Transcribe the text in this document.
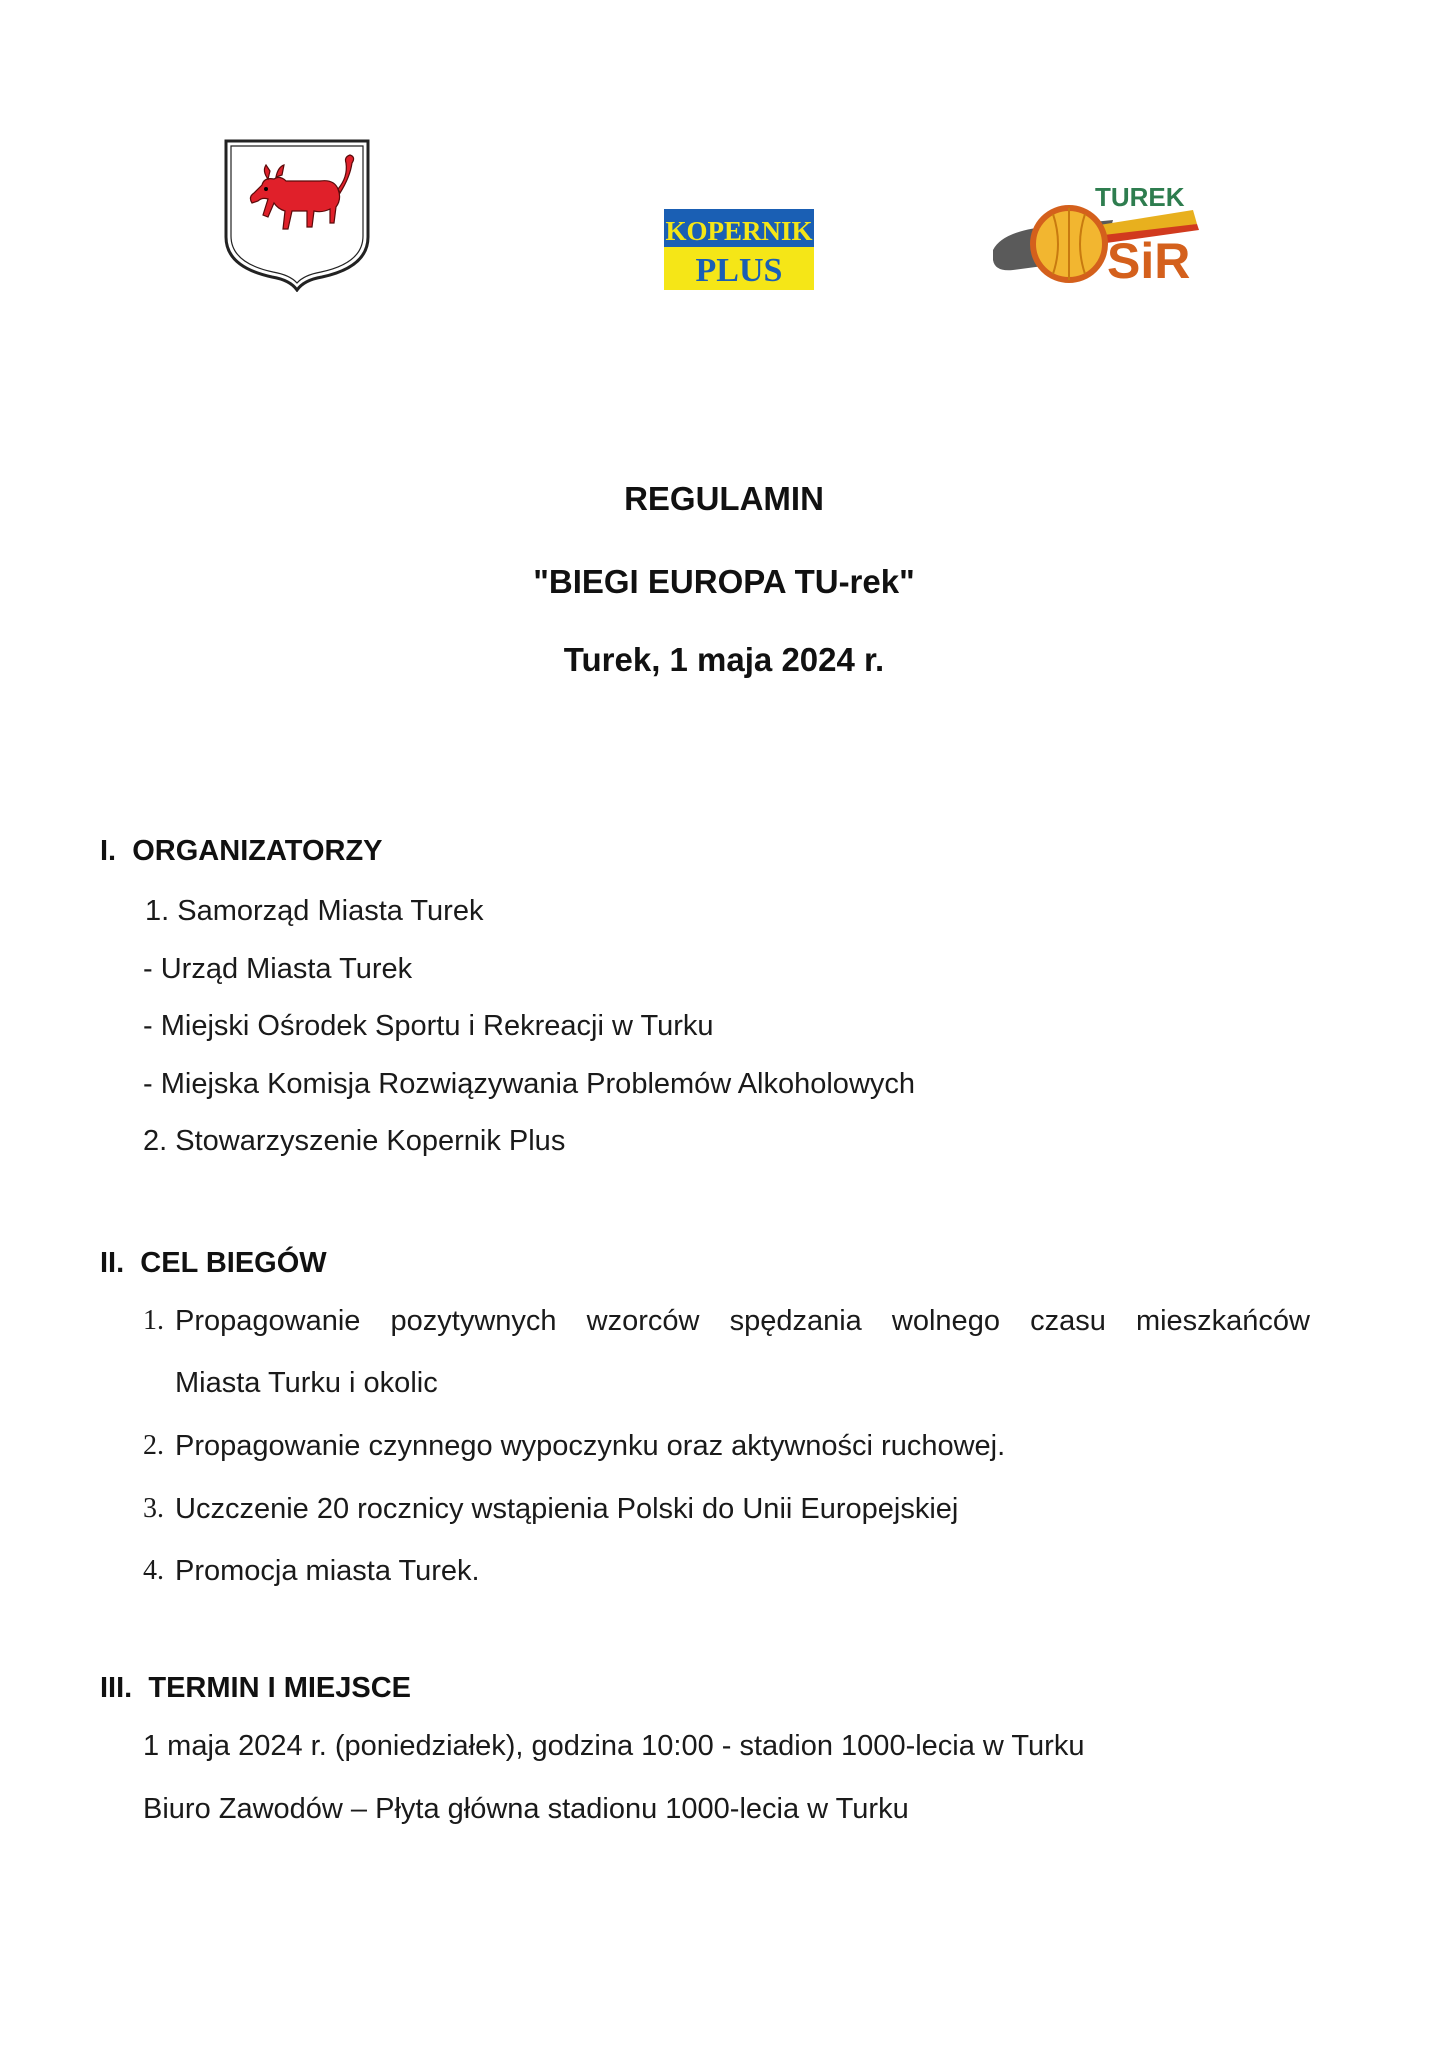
KOPERNIK
PLUS
TUREK
SiR
REGULAMIN
"BIEGI EUROPA TU-rek"
Turek, 1 maja 2024 r.
I. ORGANIZATORZY
1. Samorząd Miasta Turek
- Urząd Miasta Turek
- Miejski Ośrodek Sportu i Rekreacji w Turku
- Miejska Komisja Rozwiązywania Problemów Alkoholowych
2. Stowarzyszenie Kopernik Plus
II. CEL BIEGÓW
1. Propagowanie pozytywnych wzorców spędzania wolnego czasu mieszkańców
Miasta Turku i okolic
2. Propagowanie czynnego wypoczynku oraz aktywności ruchowej.
3. Uczczenie 20 rocznicy wstąpienia Polski do Unii Europejskiej
4. Promocja miasta Turek.
III. TERMIN I MIEJSCE
1 maja 2024 r. (poniedziałek), godzina 10:00 - stadion 1000-lecia w Turku
Biuro Zawodów – Płyta główna stadionu 1000-lecia w Turku
